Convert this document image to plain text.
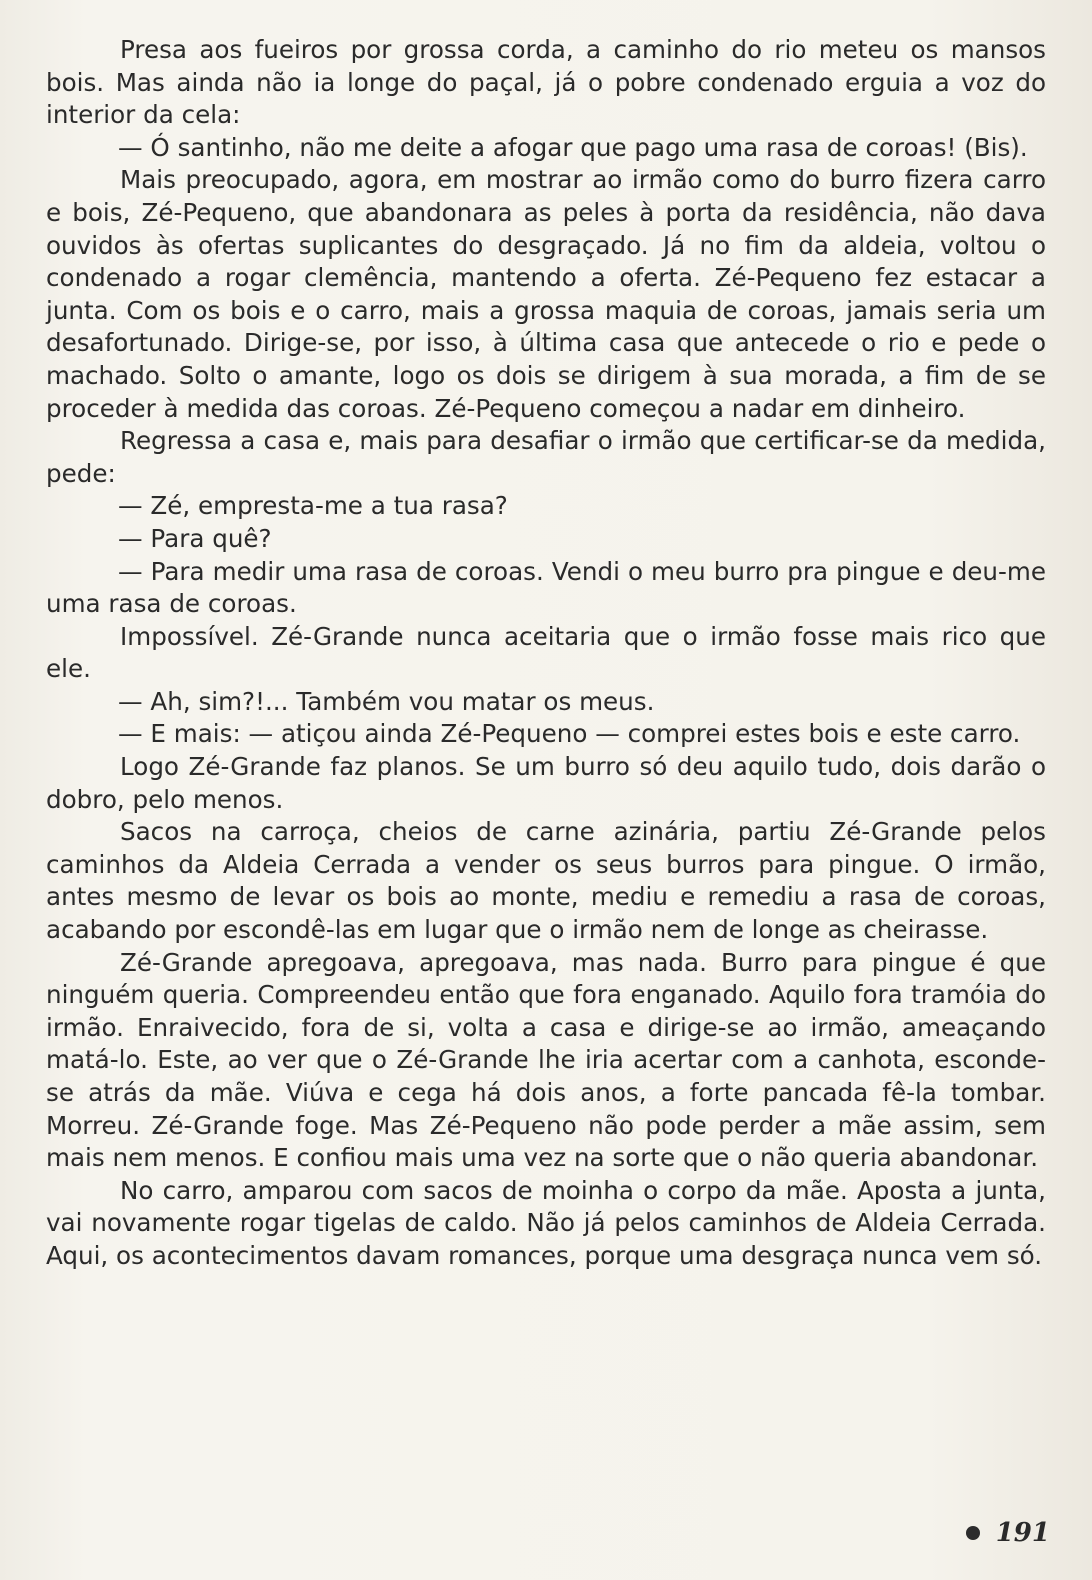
Presa aos fueiros por grossa corda, a caminho do rio meteu os mansos bois. Mas ainda não ia longe do paçal, já o pobre condenado erguia a voz do interior da cela:

— Ó santinho, não me deite a afogar que pago uma rasa de coroas! (Bis).

Mais preocupado, agora, em mostrar ao irmão como do burro fizera carro e bois, Zé-Pequeno, que abandonara as peles à porta da residência, não dava ouvidos às ofertas suplicantes do desgraçado. Já no fim da aldeia, voltou o condenado a rogar clemência, mantendo a oferta. Zé-Pequeno fez estacar a junta. Com os bois e o carro, mais a grossa maquia de coroas, jamais seria um desafortunado. Dirige-se, por isso, à última casa que antecede o rio e pede o machado. Solto o amante, logo os dois se dirigem à sua morada, a fim de se proceder à medida das coroas. Zé-Pequeno começou a nadar em dinheiro.

Regressa a casa e, mais para desafiar o irmão que certificar-se da medida, pede:

— Zé, empresta-me a tua rasa?

— Para quê?

— Para medir uma rasa de coroas. Vendi o meu burro pra pingue e deu-me uma rasa de coroas.

Impossível. Zé-Grande nunca aceitaria que o irmão fosse mais rico que ele.

— Ah, sim?!... Também vou matar os meus.

— E mais: — atiçou ainda Zé-Pequeno — comprei estes bois e este carro.

Logo Zé-Grande faz planos. Se um burro só deu aquilo tudo, dois darão o dobro, pelo menos.

Sacos na carroça, cheios de carne azinária, partiu Zé-Grande pelos caminhos da Aldeia Cerrada a vender os seus burros para pingue. O irmão, antes mesmo de levar os bois ao monte, mediu e remediu a rasa de coroas, acabando por escondê-las em lugar que o irmão nem de longe as cheirasse.

Zé-Grande apregoava, apregoava, mas nada. Burro para pingue é que ninguém queria. Compreendeu então que fora enganado. Aquilo fora tramóia do irmão. Enraivecido, fora de si, volta a casa e dirige-se ao irmão, ameaçando matá-lo. Este, ao ver que o Zé-Grande lhe iria acertar com a canhota, esconde-se atrás da mãe. Viúva e cega há dois anos, a forte pancada fê-la tombar. Morreu. Zé-Grande foge. Mas Zé-Pequeno não pode perder a mãe assim, sem mais nem menos. E confiou mais uma vez na sorte que o não queria abandonar.

No carro, amparou com sacos de moinha o corpo da mãe. Aposta a junta, vai novamente rogar tigelas de caldo. Não já pelos caminhos de Aldeia Cerrada. Aqui, os acontecimentos davam romances, porque uma desgraça nunca vem só.

191
